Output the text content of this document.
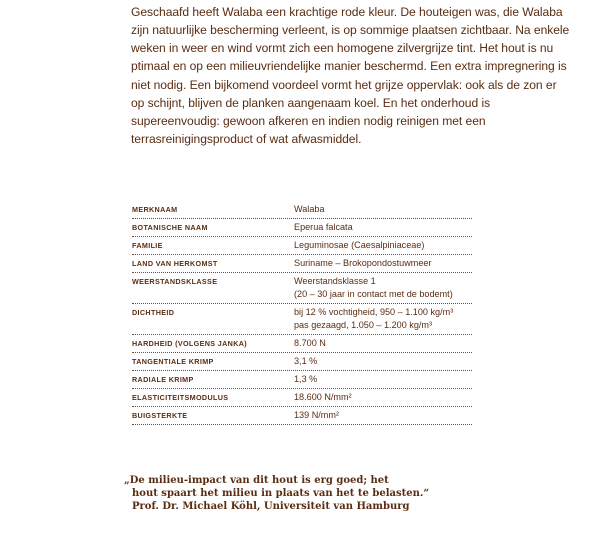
Geschaafd heeft Walaba een krachtige rode kleur. De houteigen was, die Walaba zijn natuurlijke bescherming verleent, is op sommige plaatsen zichtbaar. Na enkele weken in weer en wind vormt zich een homogene zilvergrijze tint. Het hout is nu ptimaal en op een milieuvriendelijke manier beschermd. Een extra impregnering is niet nodig. Een bijkomend voordeel vormt het grijze oppervlak: ook als de zon er op schijnt, blijven de planken aangenaam koel. En het onderhoud is supereenvoudig: gewoon afkeren en indien nodig reinigen met een terrasreinigingsproduct of wat afwasmiddel.

MERKNAAM	Walaba
BOTANISCHE NAAM	Eperua falcata
FAMILIE	Leguminosae (Caesalpiniaceae)
LAND VAN HERKOMST	Suriname – Brokopondostuwmeer
WEERSTANDSKLASSE	Weerstandsklasse 1
(20 – 30 jaar in contact met de bodemt)
DICHTHEID	bij 12 % vochtigheid, 950 – 1.100 kg/m³
pas gezaagd, 1.050 – 1.200 kg/m³
HARDHEID (VOLGENS JANKA)	8.700 N
TANGENTIALE KRIMP	3,1 %
RADIALE KRIMP	1,3 %
ELASTICITEITSMODULUS	18.600 N/mm²
BUIGSTERKTE	139 N/mm²
„De milieu-impact van dit hout is erg goed; het
hout spaart het milieu in plaats van het te belasten.“
Prof. Dr. Michael Köhl, Universiteit van Hamburg
